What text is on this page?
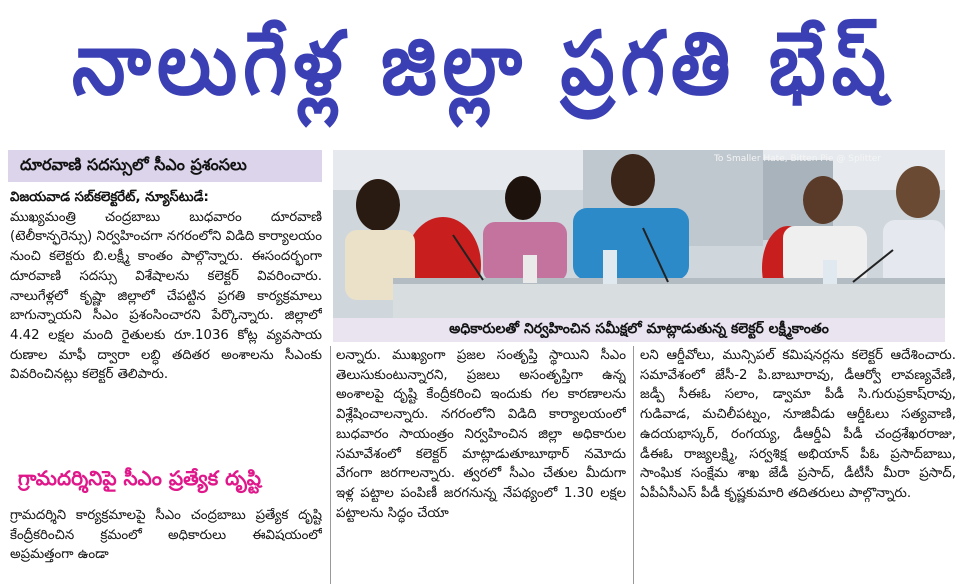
నాలుగేళ్ల జిల్లా ప్రగతి భేష్
దూరవాణి సదస్సులో సీఎం ప్రశంసలు

విజయవాడ సబ్‌కలెక్టరేట్, న్యూస్‌టుడే:
ముఖ్యమంత్రి చంద్రబాబు బుధవారం దూరవాణి (టెలీకాన్ఫరెన్సు) నిర్వహించగా నగరంలోని విడిది కార్యాలయం నుంచి కలెక్టరు బి.లక్ష్మీ కాంతం పాల్గొన్నారు. ఈసందర్భంగా దూరవాణి సదస్సు విశేషాలను కలెక్టర్ వివరించారు. నాలుగేళ్లలో కృష్ణా జిల్లాలో చేపట్టిన ప్రగతి కార్యక్రమాలు బాగున్నాయని సీఎం ప్రశంసించారని పేర్కొన్నారు. జిల్లాలో 4.42 లక్షల మంది రైతులకు రూ.1036 కోట్ల వ్యవసాయ రుణాల మాఫీ ద్వారా లబ్ధి తదితర అంశాలను సీఎంకు వివరించినట్లు కలెక్టర్ తెలిపారు.

గ్రామదర్శినిపై సీఎం ప్రత్యేక దృష్టి

గ్రామదర్శిని కార్యక్రమాలపై సీఎం చంద్రబాబు ప్రత్యేక దృష్టి కేంద్రీకరించిన క్రమంలో అధికారులు ఈవిషయంలో అప్రమత్తంగా ఉండా

To Smaller Hate, Bitten Pie @ Splitter
అధికారులతో నిర్వహించిన సమీక్షలో మాట్లాడుతున్న కలెక్టర్ లక్ష్మీకాంతం

లన్నారు. ముఖ్యంగా ప్రజల సంతృప్తి స్థాయిని సీఎం తెలుసుకుంటున్నారని, ప్రజలు అసంతృప్తిగా ఉన్న అంశాలపై దృష్టి కేంద్రీకరించి ఇందుకు గల కారణాలను విశ్లేషించాలన్నారు. నగరంలోని విడిది కార్యాలయంలో బుధవారం సాయంత్రం నిర్వహించిన జిల్లా అధికారుల సమావేశంలో కలెక్టర్ మాట్లాడుతూబూథార్ నమోదు వేగంగా జరగాలన్నారు. త్వరలో సీఎం చేతుల మీదుగా ఇళ్ల పట్టాల పంపిణీ జరగనున్న నేపథ్యంలో 1.30 లక్షల పట్టాలను సిద్ధం చేయా

లని ఆర్డీవోలు, మున్సిపల్ కమిషనర్లను కలెక్టర్ ఆదేశించారు. సమావేశంలో జేసీ-2 పి.బాబూరావు, డీఆర్వో లావణ్యవేణి, జడ్పీ సీఈఓ సలాం, డ్వామా పీడీ సి.గురుప్రకాష్‌రావు, గుడివాడ, మచిలీపట్నం, నూజివీడు ఆర్డీఓలు సత్యవాణి, ఉదయభాస్కర్, రంగయ్య, డీఆర్డీఏ పీడీ చంద్రశేఖరరాజు, డీఈఓ రాజ్యలక్ష్మి, సర్వశిక్ష అభియాన్ పీఓ ప్రసాద్‌బాబు, సాంఘిక సంక్షేమ శాఖ జేడీ ప్రసాద్, డీటీసీ మీరా ప్రసాద్, ఏపీఏసీఎస్ పీడీ కృష్ణకుమారి తదితరులు పాల్గొన్నారు.
